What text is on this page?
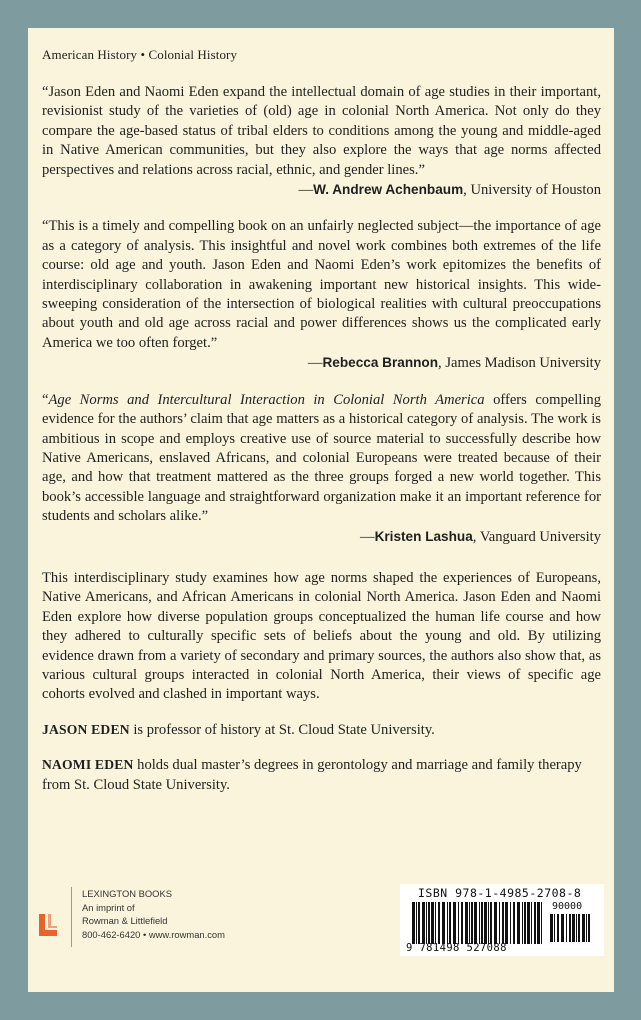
American History • Colonial History

“Jason Eden and Naomi Eden expand the intellectual domain of age studies in their important, revisionist study of the varieties of (old) age in colonial North America. Not only do they compare the age-based status of tribal elders to conditions among the young and middle-aged in Native American communities, but they also explore the ways that age norms affected perspectives and relations across racial, ethnic, and gender lines.”
—W. Andrew Achenbaum, University of Houston

“This is a timely and compelling book on an unfairly neglected subject—the importance of age as a category of analysis. This insightful and novel work combines both extremes of the life course: old age and youth. Jason Eden and Naomi Eden’s work epitomizes the benefits of interdisciplinary collaboration in awakening important new historical insights. This wide-sweeping consideration of the intersection of biological realities with cultural preoccupations about youth and old age across racial and power differences shows us the complicated early America we too often forget.”

—Rebecca Brannon, James Madison University

“Age Norms and Intercultural Interaction in Colonial North America offers compelling evidence for the authors’ claim that age matters as a historical category of analysis. The work is ambitious in scope and employs creative use of source material to successfully describe how Native Americans, enslaved Africans, and colonial Europeans were treated because of their age, and how that treatment mattered as the three groups forged a new world together. This book’s accessible language and straightforward organization make it an important reference for students and scholars alike.”

—Kristen Lashua, Vanguard University

This interdisciplinary study examines how age norms shaped the experiences of Europeans, Native Americans, and African Americans in colonial North America. Jason Eden and Naomi Eden explore how diverse population groups conceptualized the human life course and how they adhered to culturally specific sets of beliefs about the young and old. By utilizing evidence drawn from a variety of secondary and primary sources, the authors also show that, as various cultural groups interacted in colonial North America, their views of specific age cohorts evolved and clashed in important ways.

JASON EDEN is professor of history at St. Cloud State University.

NAOMI EDEN holds dual master’s degrees in gerontology and marriage and family therapy from St. Cloud State University.

LEXINGTON BOOKS
An imprint of
Rowman & Littlefield
800-462-6420 • www.rowman.com
ISBN 978-1-4985-2708-8
90000
9 781498 527088
